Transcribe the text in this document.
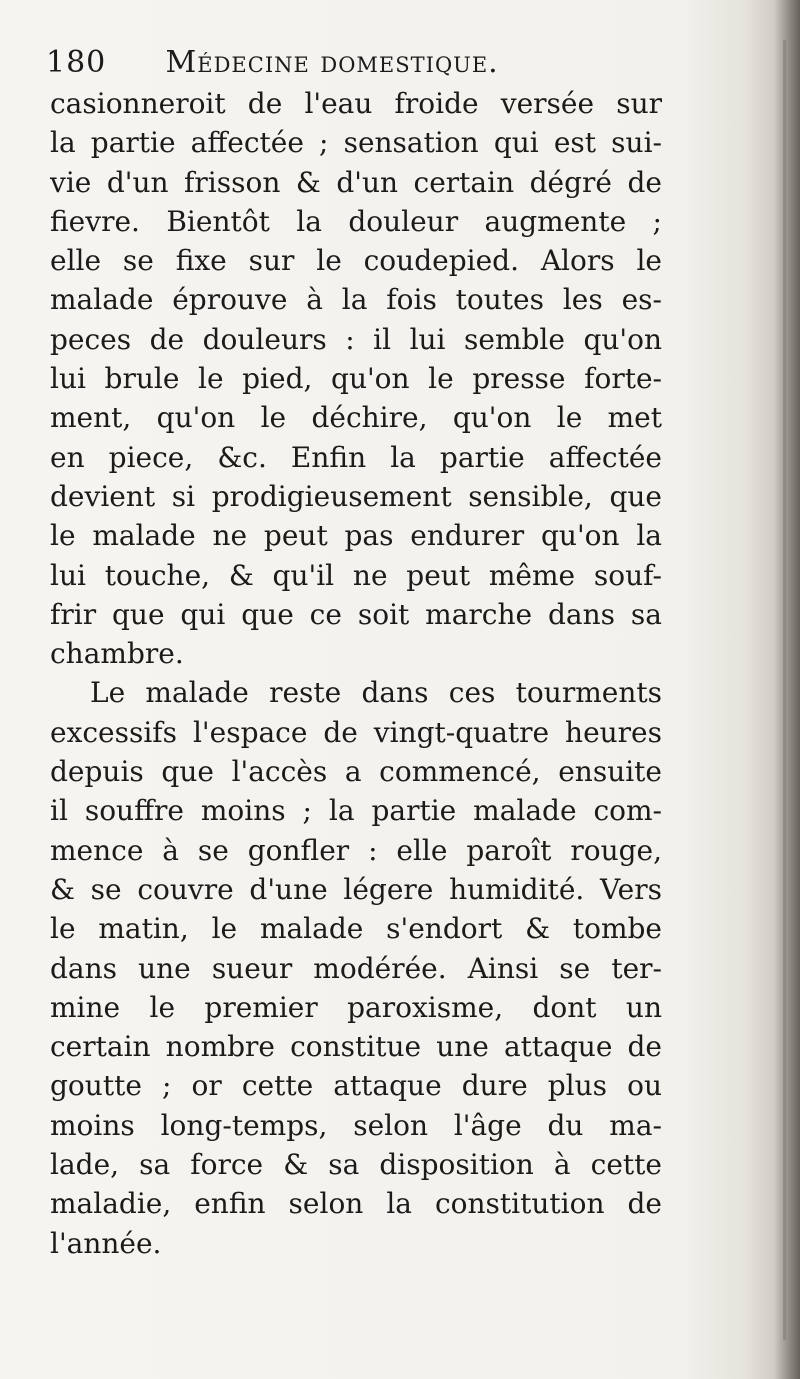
180 Médecine domestique.
casionneroit de l'eau froide versée sur
la partie affectée ; sensation qui est sui-
vie d'un frisson & d'un certain dégré de
fievre. Bientôt la douleur augmente ;
elle se fixe sur le coudepied. Alors le
malade éprouve à la fois toutes les es-
peces de douleurs : il lui semble qu'on
lui brule le pied, qu'on le presse forte-
ment, qu'on le déchire, qu'on le met
en piece, &c. Enfin la partie affectée
devient si prodigieusement sensible, que
le malade ne peut pas endurer qu'on la
lui touche, & qu'il ne peut même souf-
frir que qui que ce soit marche dans sa
chambre.
Le malade reste dans ces tourments
excessifs l'espace de vingt-quatre heures
depuis que l'accès a commencé, ensuite
il souffre moins ; la partie malade com-
mence à se gonfler : elle paroît rouge,
& se couvre d'une légere humidité. Vers
le matin, le malade s'endort & tombe
dans une sueur modérée. Ainsi se ter-
mine le premier paroxisme, dont un
certain nombre constitue une attaque de
goutte ; or cette attaque dure plus ou
moins long-temps, selon l'âge du ma-
lade, sa force & sa disposition à cette
maladie, enfin selon la constitution de
l'année.
